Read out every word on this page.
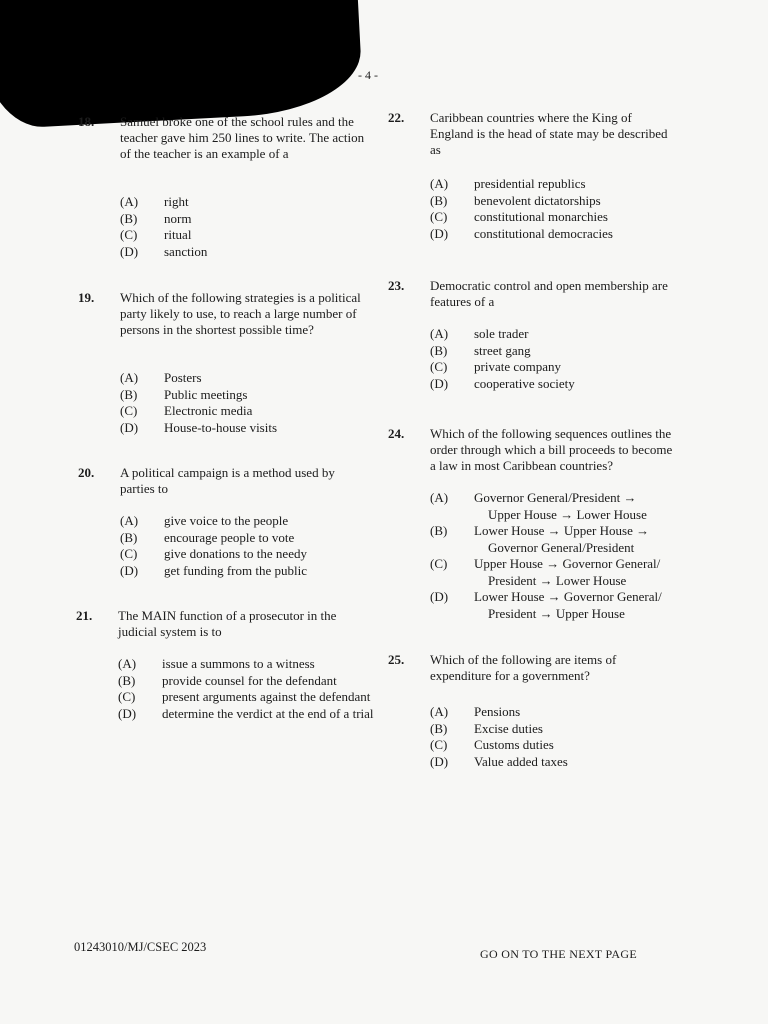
- 4 -
18. Samuel broke one of the school rules and the teacher gave him 250 lines to write. The action of the teacher is an example of a
(A)	right
(B)	norm
(C)	ritual
(D)	sanction
19. Which of the following strategies is a political party likely to use, to reach a large number of persons in the shortest possible time?
(A)	Posters
(B)	Public meetings
(C)	Electronic media
(D)	House-to-house visits
20. A political campaign is a method used by parties to
(A)	give voice to the people
(B)	encourage people to vote
(C)	give donations to the needy
(D)	get funding from the public
21. The MAIN function of a prosecutor in the judicial system is to
(A)	issue a summons to a witness
(B)	provide counsel for the defendant
(C)	present arguments against the defendant
(D)	determine the verdict at the end of a trial
22. Caribbean countries where the King of England is the head of state may be described as
(A)	presidential republics
(B)	benevolent dictatorships
(C)	constitutional monarchies
(D)	constitutional democracies
23. Democratic control and open membership are features of a
(A)	sole trader
(B)	street gang
(C)	private company
(D)	cooperative society
24. Which of the following sequences outlines the order through which a bill proceeds to become a law in most Caribbean countries?
(A)	Governor General/President →
Upper House → Lower House
(B)	Lower House → Upper House →
Governor General/President
(C)	Upper House → Governor General/
President → Lower House
(D)	Lower House → Governor General/
President → Upper House
25. Which of the following are items of expenditure for a government?
(A)	Pensions
(B)	Excise duties
(C)	Customs duties
(D)	Value added taxes
01243010/MJ/CSEC 2023	GO ON TO THE NEXT PAGE
